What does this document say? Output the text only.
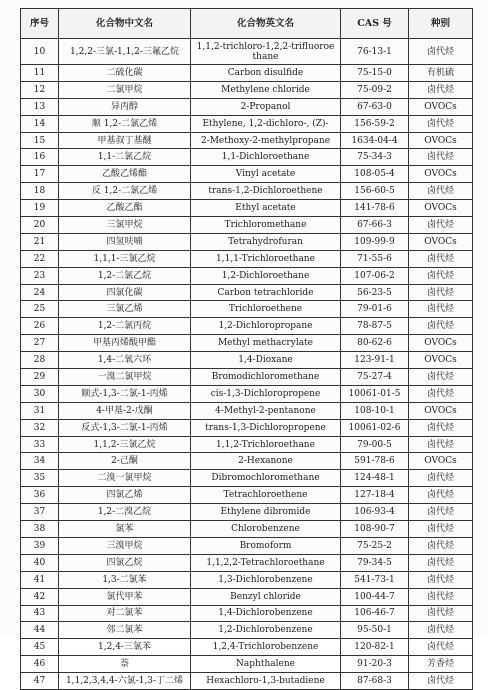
序号	化合物中文名	化合物英文名	CAS 号	种别
10	1,2,2-三氯-1,1,2-三氟乙烷	1,1,2-trichloro-1,2,2-trifluoroe thane	76-13-1	卤代烃
11	二硫化碳	Carbon disulfide	75-15-0	有机硫
12	二氯甲烷	Methylene chloride	75-09-2	卤代烃
13	异丙醇	2-Propanol	67-63-0	OVOCs
14	顺 1,2-二氯乙烯	Ethylene, 1,2-dichloro-, (Z)-	156-59-2	卤代烃
15	甲基叔丁基醚	2-Methoxy-2-methylpropane	1634-04-4	OVOCs
16	1,1-二氯乙烷	1,1-Dichloroethane	75-34-3	卤代烃
17	乙酸乙烯酯	Vinyl acetate	108-05-4	OVOCs
18	反 1,2-二氯乙烯	trans-1,2-Dichloroethene	156-60-5	卤代烃
19	乙酸乙酯	Ethyl acetate	141-78-6	OVOCs
20	三氯甲烷	Trichloromethane	67-66-3	卤代烃
21	四氢呋喃	Tetrahydrofuran	109-99-9	OVOCs
22	1,1,1-三氯乙烷	1,1,1-Trichloroethane	71-55-6	卤代烃
23	1,2-二氯乙烷	1,2-Dichloroethane	107-06-2	卤代烃
24	四氯化碳	Carbon tetrachloride	56-23-5	卤代烃
25	三氯乙烯	Trichloroethene	79-01-6	卤代烃
26	1,2-二氯丙烷	1,2-Dichloropropane	78-87-5	卤代烃
27	甲基丙烯酸甲酯	Methyl methacrylate	80-62-6	OVOCs
28	1,4-二氧六环	1,4-Dioxane	123-91-1	OVOCs
29	一溴二氯甲烷	Bromodichloromethane	75-27-4	卤代烃
30	顺式-1,3-二氯-1-丙烯	cis-1,3-Dichloropropene	10061-01-5	卤代烃
31	4-甲基-2-戊酮	4-Methyl-2-pentanone	108-10-1	OVOCs
32	反式-1,3-二氯-1-丙烯	trans-1,3-Dichloropropene	10061-02-6	卤代烃
33	1,1,2-三氯乙烷	1,1,2-Trichloroethane	79-00-5	卤代烃
34	2-己酮	2-Hexanone	591-78-6	OVOCs
35	二溴一氯甲烷	Dibromochloromethane	124-48-1	卤代烃
36	四氯乙烯	Tetrachloroethene	127-18-4	卤代烃
37	1,2-二溴乙烷	Ethylene dibromide	106-93-4	卤代烃
38	氯苯	Chlorobenzene	108-90-7	卤代烃
39	三溴甲烷	Bromoform	75-25-2	卤代烃
40	四氯乙烷	1,1,2,2-Tetrachloroethane	79-34-5	卤代烃
41	1,3-二氯苯	1,3-Dichlorobenzene	541-73-1	卤代烃
42	氯代甲苯	Benzyl chloride	100-44-7	卤代烃
43	对二氯苯	1,4-Dichlorobenzene	106-46-7	卤代烃
44	邻二氯苯	1,2-Dichlorobenzene	95-50-1	卤代烃
45	1,2,4-三氯苯	1,2,4-Trichlorobenzene	120-82-1	卤代烃
46	萘	Naphthalene	91-20-3	芳香烃
47	1,1,2,3,4,4-六氯-1,3-丁二烯	Hexachloro-1,3-butadiene	87-68-3	卤代烃
